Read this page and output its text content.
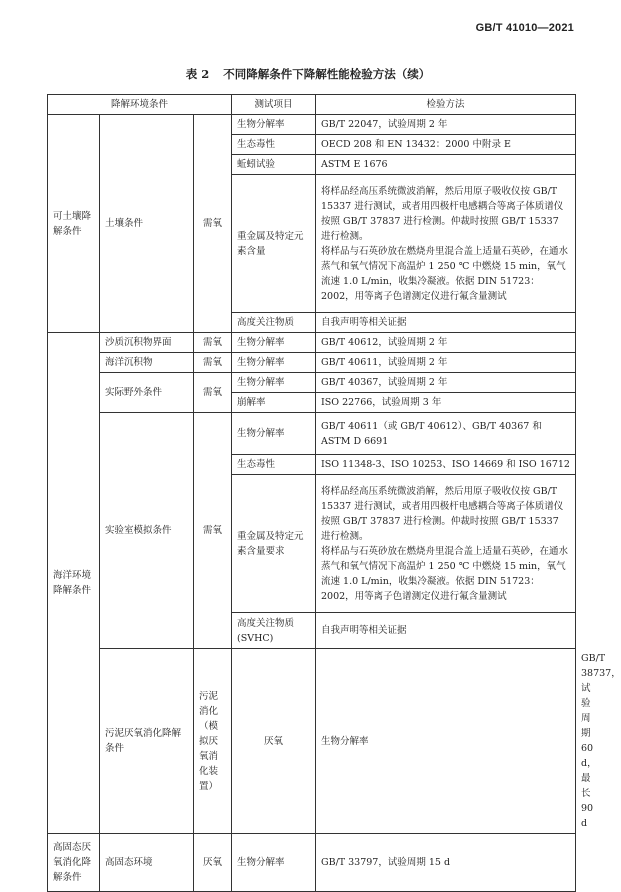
GB/T 41010—2021
表 2 不同降解条件下降解性能检验方法（续）
降解环境条件			测试项目	检验方法	
可土壤降解条件	土壤条件	需氧	生物分解率	GB/T 22047，试验周期 2 年	
			生态毒性	OECD 208 和 EN 13432：2000 中附录 E	
			蚯蚓试验	ASTM E 1676	
			重金属及特定元素含量	将样品经高压系统微波消解，然后用原子吸收仪按 GB/T 15337 进行测试，或者用四极杆电感耦合等离子体质谱仪按照 GB/T 37837 进行检测。仲裁时按照 GB/T 15337 进行检测。

将样品与石英砂放在燃烧舟里混合盖上适量石英砂，在通水蒸气和氧气情况下高温炉 1 250 ℃ 中燃烧 15 min，氧气流速 1.0 L/min，收集冷凝液。依据 DIN 51723：2002，用等离子色谱测定仪进行氟含量测试	

			高度关注物质	自我声明等相关证据	
海洋环境降解条件	沙质沉积物界面	需氧	生物分解率	GB/T 40612，试验周期 2 年	
	海洋沉积物	需氧	生物分解率	GB/T 40611，试验周期 2 年	
	实际野外条件	需氧	生物分解率	GB/T 40367，试验周期 2 年	
			崩解率	ISO 22766，试验周期 3 年	
	实验室模拟条件	需氧	生物分解率	GB/T 40611（或 GB/T 40612）、GB/T 40367 和 ASTM D 6691	
			生态毒性	ISO 11348-3、ISO 10253、ISO 14669 和 ISO 16712	
			重金属及特定元素含量要求	将样品经高压系统微波消解，然后用原子吸收仪按 GB/T 15337 进行测试，或者用四极杆电感耦合等离子体质谱仪按照 GB/T 37837 进行检测。仲裁时按照 GB/T 15337 进行检测。

将样品与石英砂放在燃烧舟里混合盖上适量石英砂，在通水蒸气和氧气情况下高温炉 1 250 ℃ 中燃烧 15 min，氧气流速 1.0 L/min，收集冷凝液。依据 DIN 51723：2002，用等离子色谱测定仪进行氟含量测试	

			高度关注物质(SVHC)	自我声明等相关证据	
	污泥厌氧消化降解条件	污泥消化（模拟厌氧消化装置）	厌氧	生物分解率	GB/T 38737，试验周期 60 d，最长 90 d
高固态厌氧消化降解条件	高固态环境	厌氧	生物分解率	GB/T 33797，试验周期 15 d	
